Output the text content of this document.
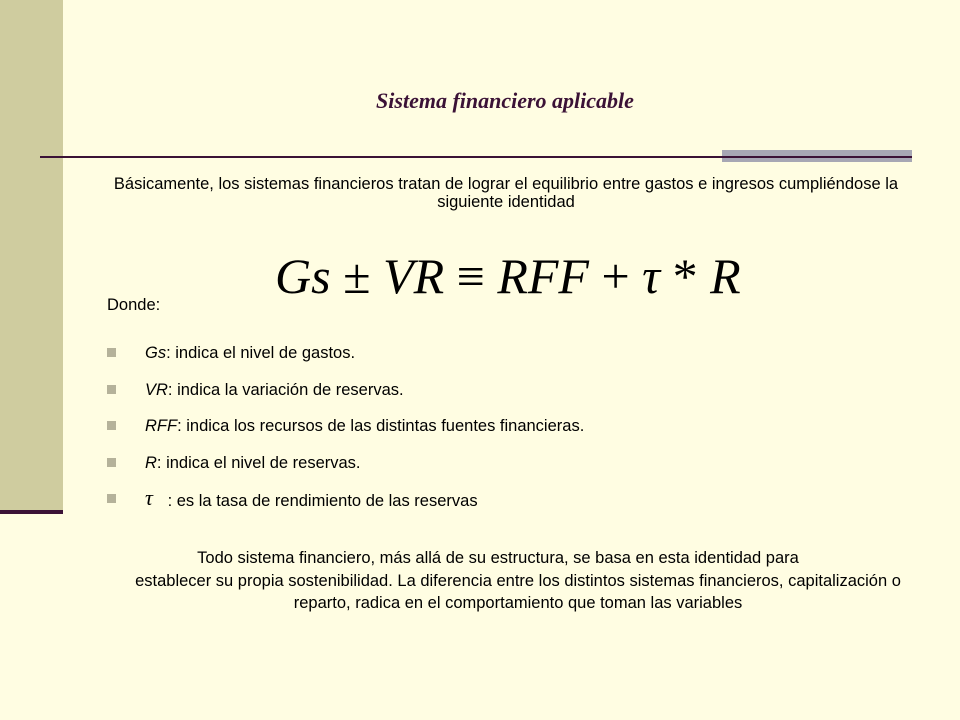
Sistema financiero aplicable
Básicamente, los sistemas financieros tratan de lograr el equilibrio entre gastos e ingresos cumpliéndose la siguiente identidad
Gs ± VR ≡ RFF + τ * R
Donde:
Gs: indica el nivel de gastos.
VR: indica la variación de reservas.
RFF: indica los recursos de las distintas fuentes financieras.
R: indica el nivel de reservas.
τ : es la tasa de rendimiento de las reservas
Todo sistema financiero, más allá de su estructura, se basa en esta identidad para
establecer su propia sostenibilidad. La diferencia entre los distintos sistemas financieros, capitalización o reparto, radica en el comportamiento que toman las variables
